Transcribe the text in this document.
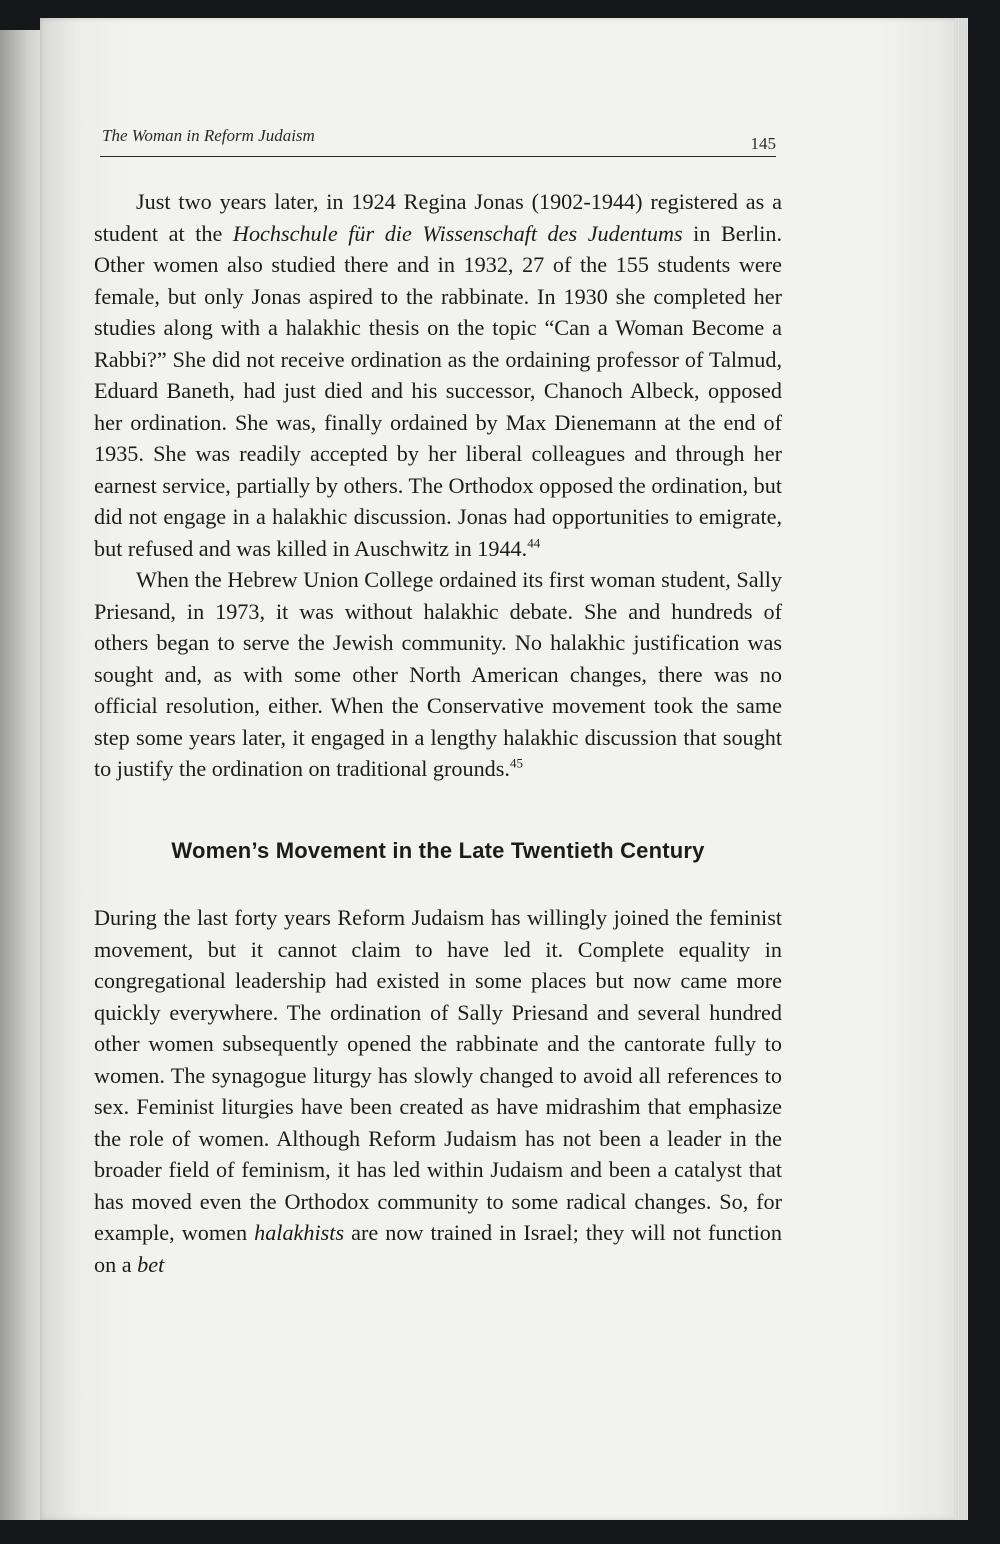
The Woman in Reform Judaism	145

Just two years later, in 1924 Regina Jonas (1902-1944) registered as a student at the Hochschule für die Wissenschaft des Judentums in Berlin. Other women also studied there and in 1932, 27 of the 155 students were female, but only Jonas aspired to the rabbinate. In 1930 she completed her studies along with a halakhic thesis on the topic “Can a Woman Become a Rabbi?” She did not receive ordination as the ordaining professor of Talmud, Eduard Baneth, had just died and his successor, Chanoch Albeck, opposed her ordination. She was, finally ordained by Max Dienemann at the end of 1935. She was readily accepted by her liberal colleagues and through her earnest service, partially by others. The Orthodox opposed the ordination, but did not engage in a halakhic discussion. Jonas had opportunities to emigrate, but refused and was killed in Auschwitz in 1944.44

When the Hebrew Union College ordained its first woman student, Sally Priesand, in 1973, it was without halakhic debate. She and hundreds of others began to serve the Jewish community. No halakhic justification was sought and, as with some other North American changes, there was no official resolution, either. When the Conservative movement took the same step some years later, it engaged in a lengthy halakhic discussion that sought to justify the ordination on traditional grounds.$^{45}$

Women’s Movement in the Late Twentieth Century

During the last forty years Reform Judaism has willingly joined the feminist movement, but it cannot claim to have led it. Complete equality in congregational leadership had existed in some places but now came more quickly everywhere. The ordination of Sally Priesand and several hundred other women subsequently opened the rabbinate and the cantorate fully to women. The synagogue liturgy has slowly changed to avoid all references to sex. Feminist liturgies have been created as have midrashim that emphasize the role of women. Although Reform Judaism has not been a leader in the broader field of feminism, it has led within Judaism and been a catalyst that has moved even the Orthodox community to some radical changes. So, for example, women halakhists are now trained in Israel; they will not function on a bet
